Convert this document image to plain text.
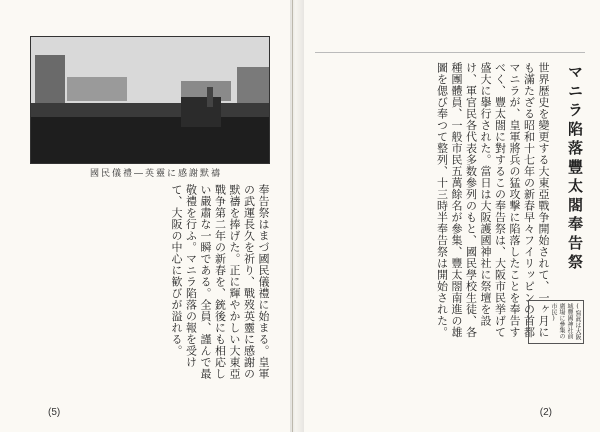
國民儀禮―英靈に感謝默禱
奉告祭はまづ國民儀禮に始まる。皇軍の武運長久を祈り、戰歿英靈に感謝の默禱を捧げた。正に輝やかしい大東亞戰争第二年の新春を、銃後にも相応しい嚴肅な一瞬である。全員、謹んで最敬禮を行ふ。マニラ陷落の報を受けて、大阪の中心に歓びが溢れる。
(5)
マニラ陷落豐太閤奉告祭
世界歴史を變更する大東亞戰争開始されて、一ヶ月にも滿たざる昭和十七年の新春早々フイリッピンの首都マニラが、皇軍將兵の猛攻撃に陷落したことを奉告すべく、豐太閤に對するこの奉告祭は、大阪市民挙げて盛大に擧行された。當日は大阪護國神社に祭壇を設け、軍官民各代表多数參列のもと、國民學校生徒、各種團體員、一般市民五萬餘名が參集、豐太閤南進の雄圖を偲び奉つて整列、十三時半奉告祭は開始された。	(寫眞は大阪城豐國神社前廣場に參集の市民)
(2)
